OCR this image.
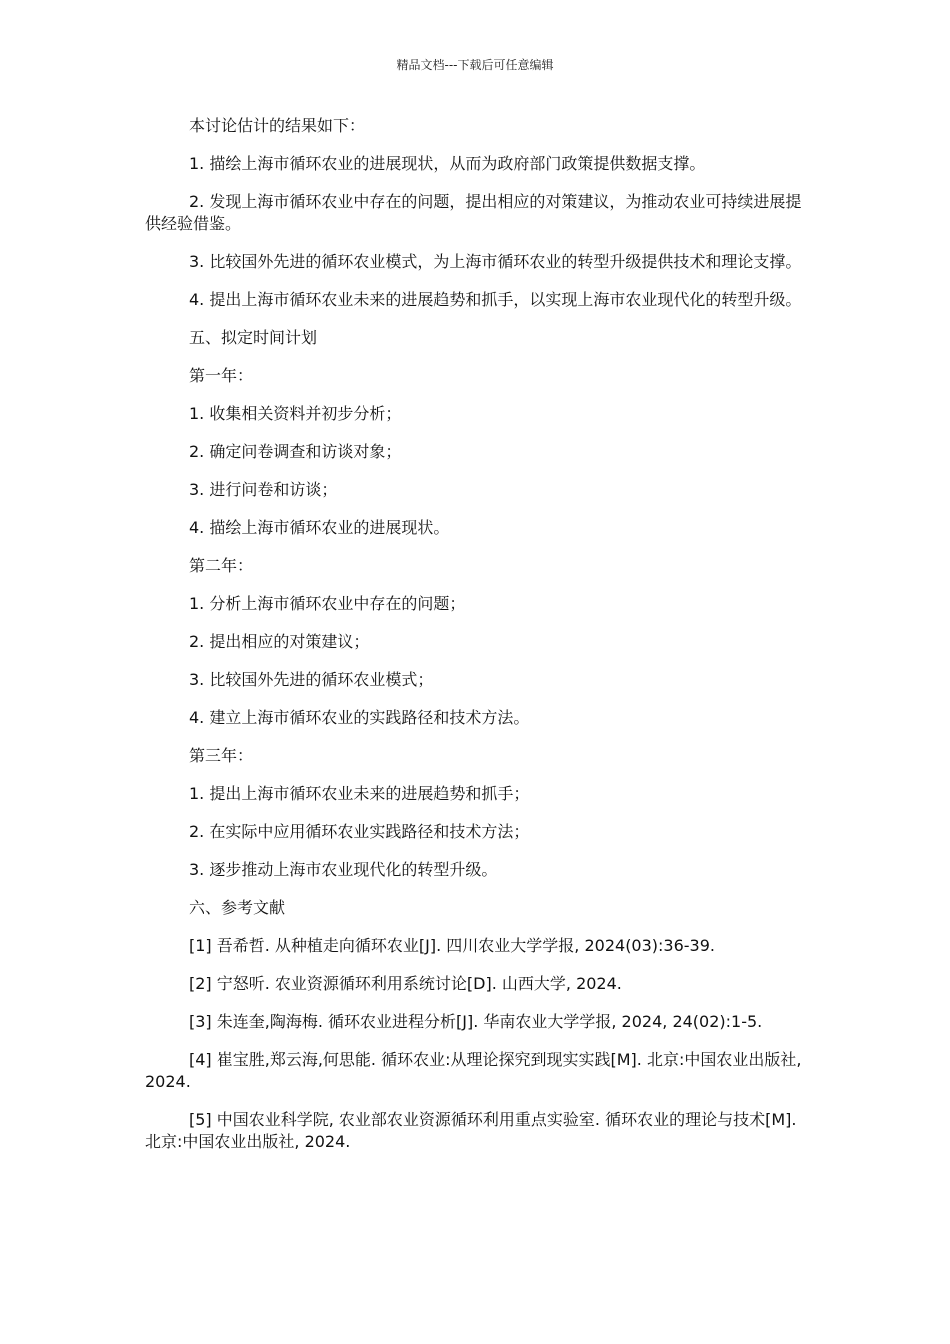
精品文档---下载后可任意编辑

本讨论估计的结果如下：

1. 描绘上海市循环农业的进展现状，从而为政府部门政策提供数据支撑。

2. 发现上海市循环农业中存在的问题，提出相应的对策建议，为推动农业可持续进展提供经验借鉴。

3. 比较国外先进的循环农业模式，为上海市循环农业的转型升级提供技术和理论支撑。

4. 提出上海市循环农业未来的进展趋势和抓手，以实现上海市农业现代化的转型升级。

五、拟定时间计划

第一年：

1. 收集相关资料并初步分析；

2. 确定问卷调查和访谈对象；

3. 进行问卷和访谈；

4. 描绘上海市循环农业的进展现状。

第二年：

1. 分析上海市循环农业中存在的问题；

2. 提出相应的对策建议；

3. 比较国外先进的循环农业模式；

4. 建立上海市循环农业的实践路径和技术方法。

第三年：

1. 提出上海市循环农业未来的进展趋势和抓手；

2. 在实际中应用循环农业实践路径和技术方法；

3. 逐步推动上海市农业现代化的转型升级。

六、参考文献

[1] 吾希哲. 从种植走向循环农业[J]. 四川农业大学学报, 2024(03):36-39.

[2] 宁怒听. 农业资源循环利用系统讨论[D]. 山西大学, 2024.

[3] 朱连奎,陶海梅. 循环农业进程分析[J]. 华南农业大学学报, 2024, 24(02):1-5.

[4] 崔宝胜,郑云海,何思能. 循环农业:从理论探究到现实实践[M]. 北京:中国农业出版社, 2024.

[5] 中国农业科学院, 农业部农业资源循环利用重点实验室. 循环农业的理论与技术[M]. 北京:中国农业出版社, 2024.
